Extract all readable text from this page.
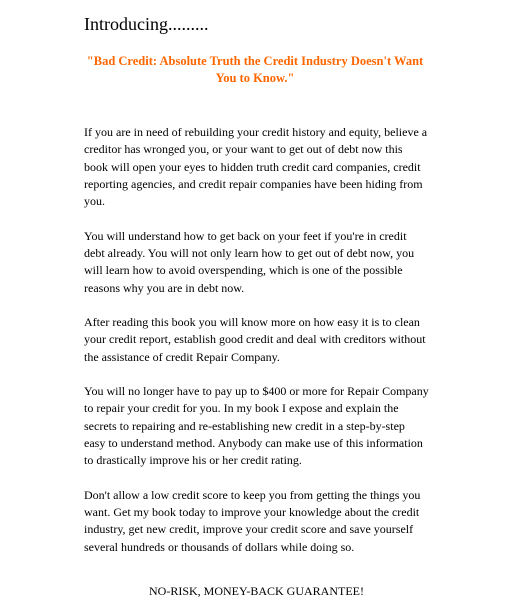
Introducing.........
"Bad Credit: Absolute Truth the Credit Industry Doesn't Want You to Know."

If you are in need of rebuilding your credit history and equity, believe a creditor has wronged you, or your want to get out of debt now this book will open your eyes to hidden truth credit card companies, credit reporting agencies, and credit repair companies have been hiding from you.

You will understand how to get back on your feet if you're in credit debt already. You will not only learn how to get out of debt now, you will learn how to avoid overspending, which is one of the possible reasons why you are in debt now.

After reading this book you will know more on how easy it is to clean your credit report, establish good credit and deal with creditors without the assistance of credit Repair Company.

You will no longer have to pay up to $400 or more for Repair Company to repair your credit for you. In my book I expose and explain the secrets to repairing and re-establishing new credit in a step-by-step easy to understand method. Anybody can make use of this information to drastically improve his or her credit rating.

Don't allow a low credit score to keep you from getting the things you want. Get my book today to improve your knowledge about the credit industry, get new credit, improve your credit score and save yourself several hundreds or thousands of dollars while doing so.

NO-RISK, MONEY-BACK GUARANTEE!
